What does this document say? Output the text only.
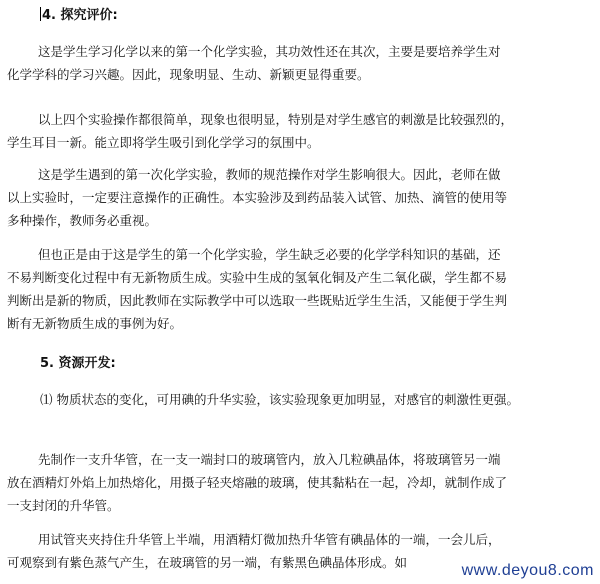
4. 探究评价:
这是学生学习化学以来的第一个化学实验，其功效性还在其次，主要是要培养学生对
化学学科的学习兴趣。因此，现象明显、生动、新颖更显得重要。
以上四个实验操作都很简单，现象也很明显，特别是对学生感官的刺激是比较强烈的，
学生耳目一新。能立即将学生吸引到化学学习的氛围中。
这是学生遇到的第一次化学实验，教师的规范操作对学生影响很大。因此，老师在做
以上实验时，一定要注意操作的正确性。本实验涉及到药品装入试管、加热、滴管的使用等
多种操作，教师务必重视。
但也正是由于这是学生的第一个化学实验，学生缺乏必要的化学学科知识的基础，还
不易判断变化过程中有无新物质生成。实验中生成的氢氧化铜及产生二氧化碳，学生都不易
判断出是新的物质，因此教师在实际教学中可以选取一些既贴近学生生活，又能便于学生判
断有无新物质生成的事例为好。
5. 资源开发:
⑴ 物质状态的变化，可用碘的升华实验，该实验现象更加明显，对感官的刺激性更强。
先制作一支升华管，在一支一端封口的玻璃管内，放入几粒碘晶体，将玻璃管另一端
放在酒精灯外焰上加热熔化，用摄子轻夹熔融的玻璃，使其黏粘在一起，冷却，就制作成了
一支封闭的升华管。
用试管夹夹持住升华管上半端，用酒精灯微加热升华管有碘晶体的一端，一会儿后，
可观察到有紫色蒸气产生，在玻璃管的另一端，有紫黑色碘晶体形成。如	www.deyou8.com
